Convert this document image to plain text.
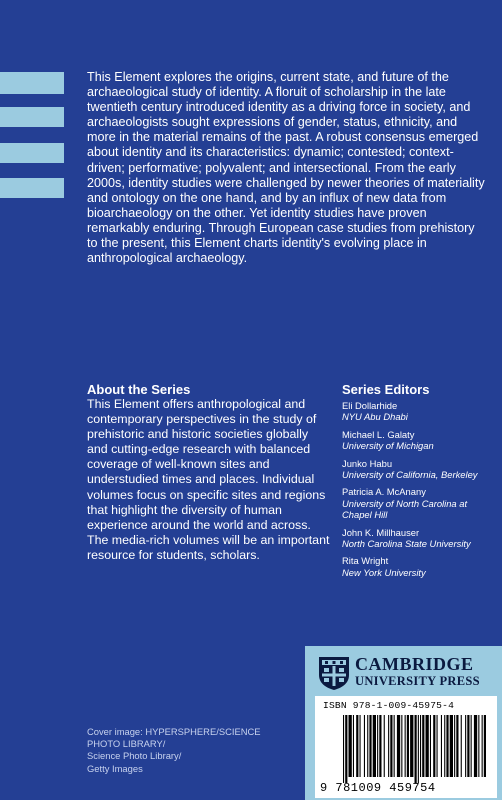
This Element explores the origins, current state, and future of the archaeological study of identity. A floruit of scholarship in the late twentieth century introduced identity as a driving force in society, and archaeologists sought expressions of gender, status, ethnicity, and more in the material remains of the past. A robust consensus emerged about identity and its characteristics: dynamic; contested; context-driven; performative; polyvalent; and intersectional. From the early 2000s, identity studies were challenged by newer theories of materiality and ontology on the one hand, and by an influx of new data from bioarchaeology on the other. Yet identity studies have proven remarkably enduring. Through European case studies from prehistory to the present, this Element charts identity's evolving place in anthropological archaeology.

About the Series

This Element offers anthropological and contemporary perspectives in the study of prehistoric and historic societies globally and cutting-edge research with balanced coverage of well-known sites and understudied times and places. Individual volumes focus on specific sites and regions that highlight the diversity of human experience around the world and across. The media-rich volumes will be an important resource for students, scholars.

Series Editors
Eli Dollarhide
NYU Abu Dhabi
Michael L. Galaty
University of Michigan
Junko Habu
University of California, Berkeley
Patricia A. McAnany
University of North Carolina at Chapel Hill
John K. Millhauser
North Carolina State University
Rita Wright
New York University
Cover image: HYPERSPHERE/SCIENCE
PHOTO LIBRARY/
Science Photo Library/
Getty Images
CAMBRIDGE
UNIVERSITY PRESS
ISBN 978-1-009-45975-4
9 781009 459754
